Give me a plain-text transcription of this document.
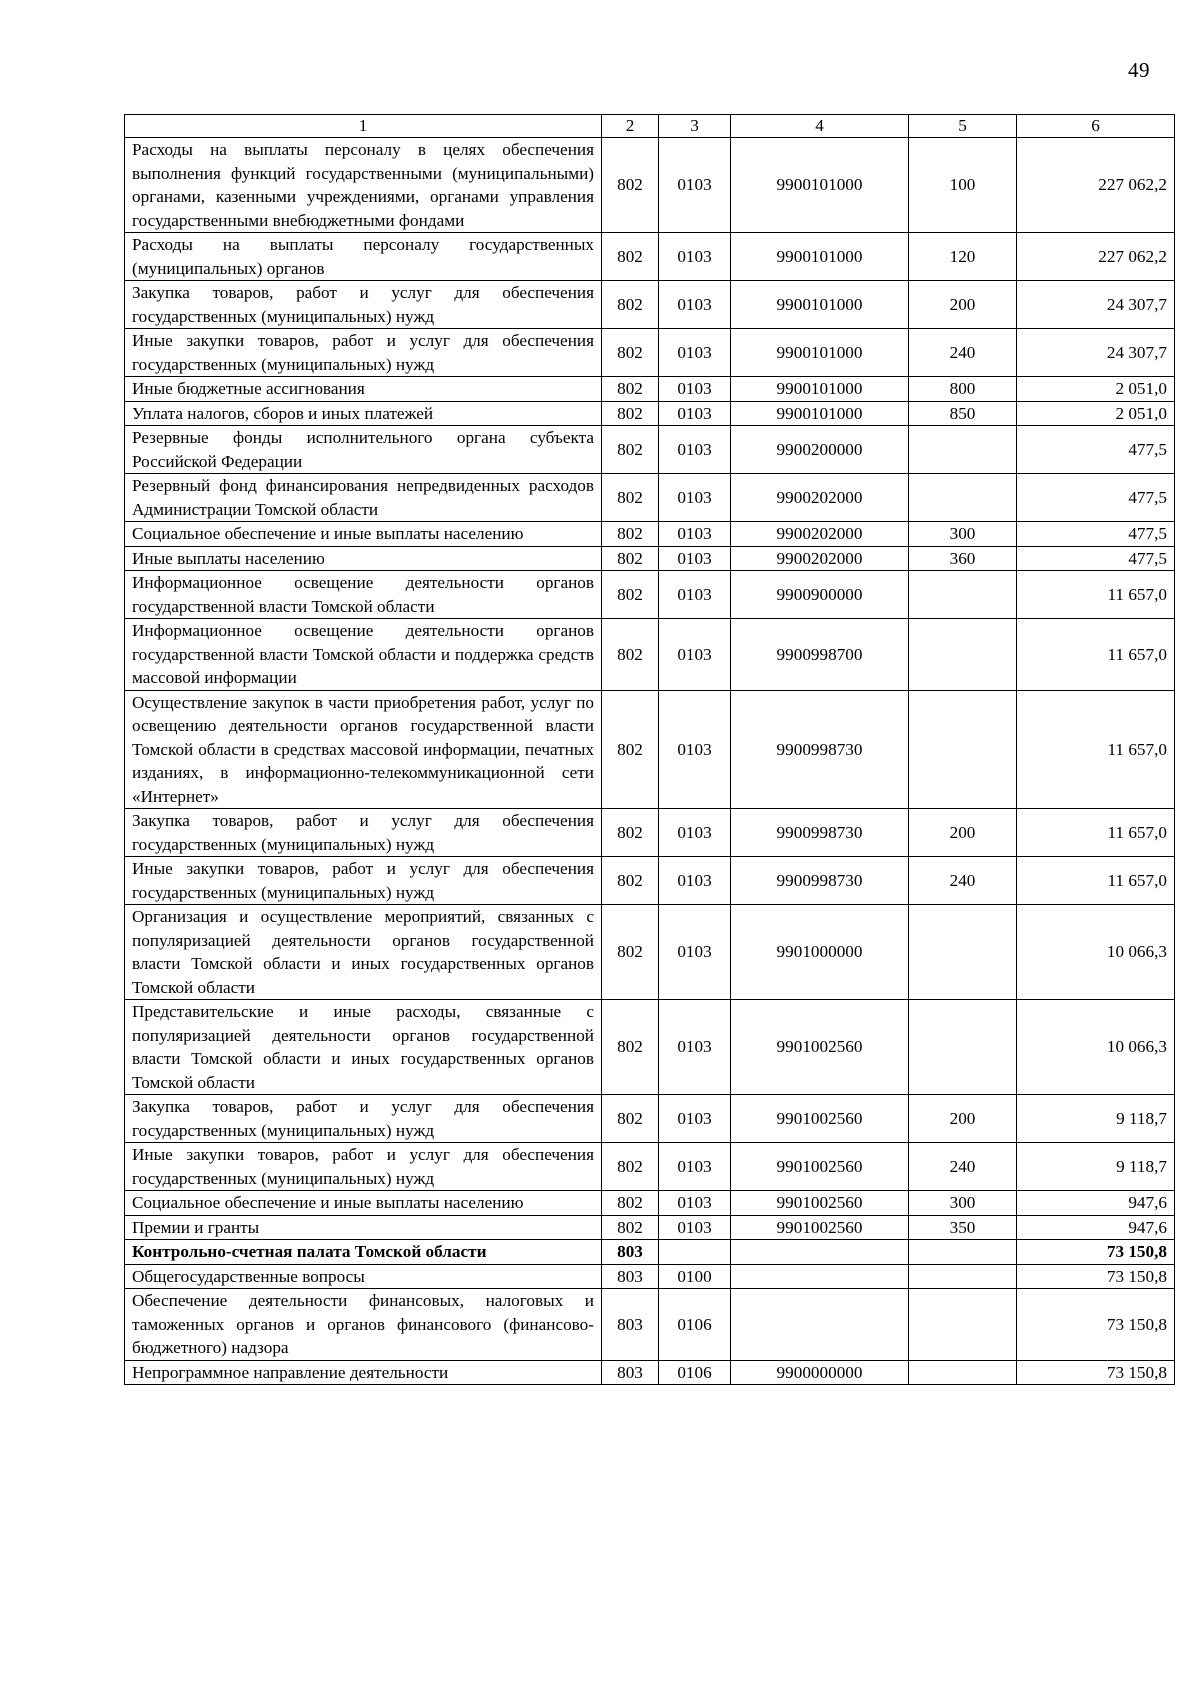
49
1	2	3	4	5	6
Расходы на выплаты персоналу в целях обеспечения выполнения функций государственными (муниципальными) органами, казенными учреждениями, органами управления государственными внебюджетными фондами	802	0103	9900101000	100	227 062,2
Расходы на выплаты персоналу государственных (муниципальных) органов	802	0103	9900101000	120	227 062,2
Закупка товаров, работ и услуг для обеспечения государственных (муниципальных) нужд	802	0103	9900101000	200	24 307,7
Иные закупки товаров, работ и услуг для обеспечения государственных (муниципальных) нужд	802	0103	9900101000	240	24 307,7
Иные бюджетные ассигнования	802	0103	9900101000	800	2 051,0
Уплата налогов, сборов и иных платежей	802	0103	9900101000	850	2 051,0
Резервные фонды исполнительного органа субъекта Российской Федерации	802	0103	9900200000		477,5
Резервный фонд финансирования непредвиденных расходов Администрации Томской области	802	0103	9900202000		477,5
Социальное обеспечение и иные выплаты населению	802	0103	9900202000	300	477,5
Иные выплаты населению	802	0103	9900202000	360	477,5
Информационное освещение деятельности органов государственной власти Томской области	802	0103	9900900000		11 657,0
Информационное освещение деятельности органов государственной власти Томской области и поддержка средств массовой информации	802	0103	9900998700		11 657,0
Осуществление закупок в части приобретения работ, услуг по освещению деятельности органов государственной власти Томской области в средствах массовой информации, печатных изданиях, в информационно-телекоммуникационной сети «Интернет»	802	0103	9900998730		11 657,0
Закупка товаров, работ и услуг для обеспечения государственных (муниципальных) нужд	802	0103	9900998730	200	11 657,0
Иные закупки товаров, работ и услуг для обеспечения государственных (муниципальных) нужд	802	0103	9900998730	240	11 657,0
Организация и осуществление мероприятий, связанных с популяризацией деятельности органов государственной власти Томской области и иных государственных органов Томской области	802	0103	9901000000		10 066,3
Представительские и иные расходы, связанные с популяризацией деятельности органов государственной власти Томской области и иных государственных органов Томской области	802	0103	9901002560		10 066,3
Закупка товаров, работ и услуг для обеспечения государственных (муниципальных) нужд	802	0103	9901002560	200	9 118,7
Иные закупки товаров, работ и услуг для обеспечения государственных (муниципальных) нужд	802	0103	9901002560	240	9 118,7
Социальное обеспечение и иные выплаты населению	802	0103	9901002560	300	947,6
Премии и гранты	802	0103	9901002560	350	947,6
Контрольно-счетная палата Томской области	803				73 150,8
Общегосударственные вопросы	803	0100			73 150,8
Обеспечение деятельности финансовых, налоговых и таможенных органов и органов финансового (финансово-бюджетного) надзора	803	0106			73 150,8
Непрограммное направление деятельности	803	0106	9900000000		73 150,8
